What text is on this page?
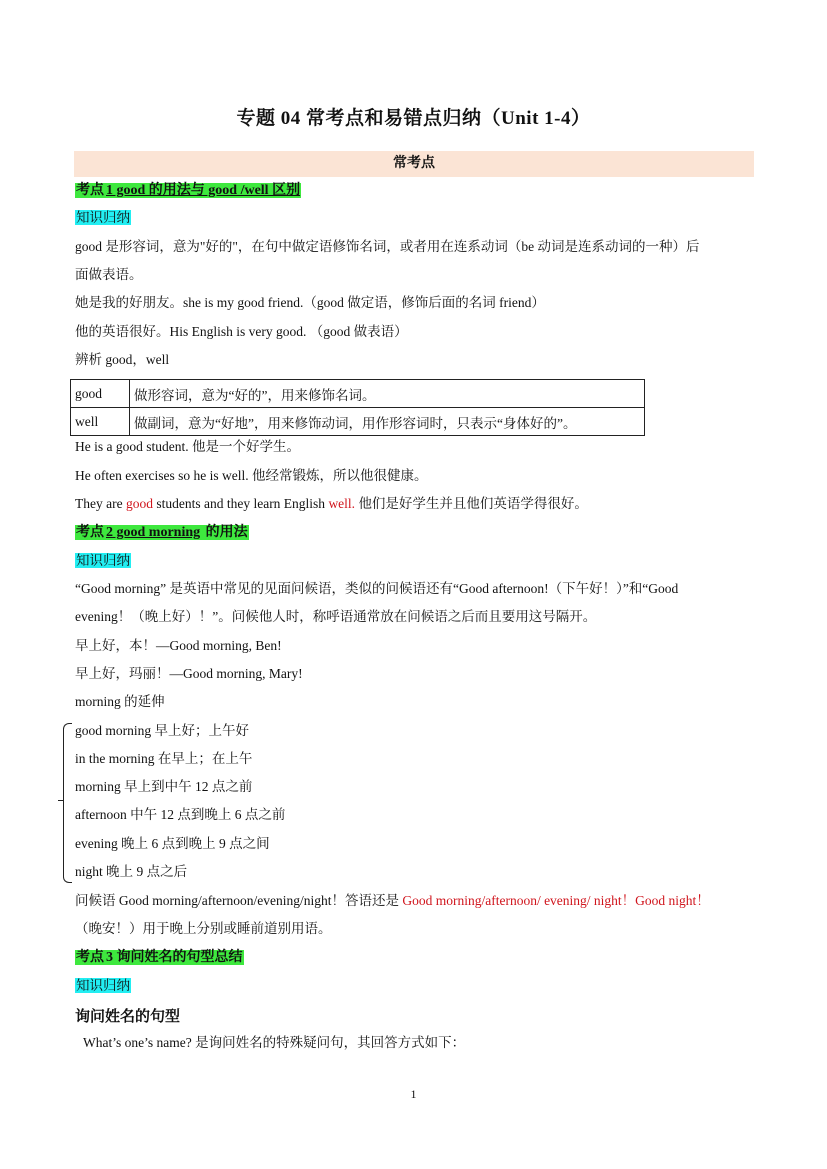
专题 04 常考点和易错点归纳（Unit 1-4）
常考点
考点 1 good 的用法与 good /well 区别
知识归纳
good 是形容词，意为"好的"，在句中做定语修饰名词，或者用在连系动词（be 动词是连系动词的一种）后
面做表语。
她是我的好朋友。she is my good friend.（good 做定语，修饰后面的名词 friend）
他的英语很好。His English is very good. （good 做表语）
辨析 good，well
good	做形容词，意为“好的”，用来修饰名词。
well	做副词，意为“好地”，用来修饰动词，用作形容词时，只表示“身体好的”。
He is a good student. 他是一个好学生。
He often exercises so he is well. 他经常锻炼，所以他很健康。
They are good students and they learn English well. 他们是好学生并且他们英语学得很好。
考点 2 good morning 的用法
知识归纳
“Good morning” 是英语中常见的见面问候语，类似的问候语还有“Good afternoon!（下午好！）”和“Good
evening！（晚上好）！”。问候他人时，称呼语通常放在问候语之后而且要用这号隔开。
早上好，本！—Good morning, Ben!
早上好，玛丽！—Good morning, Mary!
morning 的延伸
good morning 早上好；上午好
in the morning 在早上；在上午
morning 早上到中午 12 点之前
afternoon 中午 12 点到晚上 6 点之前
evening 晚上 6 点到晚上 9 点之间
night 晚上 9 点之后
问候语 Good morning/afternoon/evening/night！答语还是 Good morning/afternoon/ evening/ night！Good night！
（晚安！）用于晚上分别或睡前道别用语。
考点 3 询问姓名的句型总结
知识归纳
询问姓名的句型
What’s one’s name? 是询问姓名的特殊疑问句，其回答方式如下：
1
